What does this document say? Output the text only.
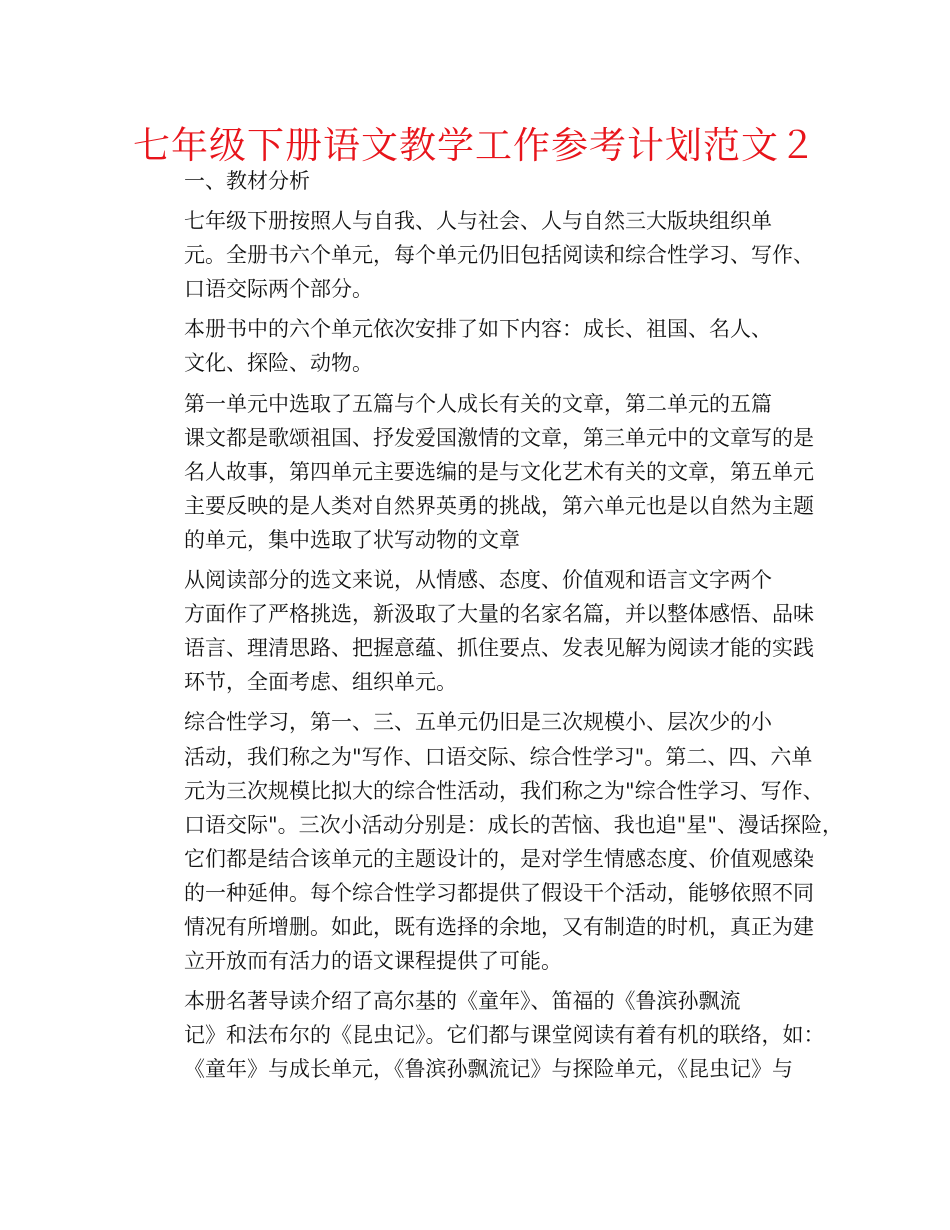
七年级下册语文教学工作参考计划范文２
一、教材分析
七年级下册按照人与自我、人与社会、人与自然三大版块组织单
元。全册书六个单元，每个单元仍旧包括阅读和综合性学习、写作、
口语交际两个部分。
本册书中的六个单元依次安排了如下内容：成长、祖国、名人、
文化、探险、动物。
第一单元中选取了五篇与个人成长有关的文章，第二单元的五篇
课文都是歌颂祖国、抒发爱国激情的文章，第三单元中的文章写的是
名人故事，第四单元主要选编的是与文化艺术有关的文章，第五单元
主要反映的是人类对自然界英勇的挑战，第六单元也是以自然为主题
的单元，集中选取了状写动物的文章
从阅读部分的选文来说，从情感、态度、价值观和语言文字两个
方面作了严格挑选，新汲取了大量的名家名篇，并以整体感悟、品味
语言、理清思路、把握意蕴、抓住要点、发表见解为阅读才能的实践
环节，全面考虑、组织单元。
综合性学习，第一、三、五单元仍旧是三次规模小、层次少的小
活动，我们称之为"写作、口语交际、综合性学习"。第二、四、六单
元为三次规模比拟大的综合性活动，我们称之为"综合性学习、写作、
口语交际"。三次小活动分别是：成长的苦恼、我也追"星"、漫话探险，
它们都是结合该单元的主题设计的，是对学生情感态度、价值观感染
的一种延伸。每个综合性学习都提供了假设干个活动，能够依照不同
情况有所增删。如此，既有选择的余地，又有制造的时机，真正为建
立开放而有活力的语文课程提供了可能。
本册名著导读介绍了高尔基的《童年》、笛福的《鲁滨孙飘流
记》和法布尔的《昆虫记》。它们都与课堂阅读有着有机的联络，如：
《童年》与成长单元，《鲁滨孙飘流记》与探险单元，《昆虫记》与
